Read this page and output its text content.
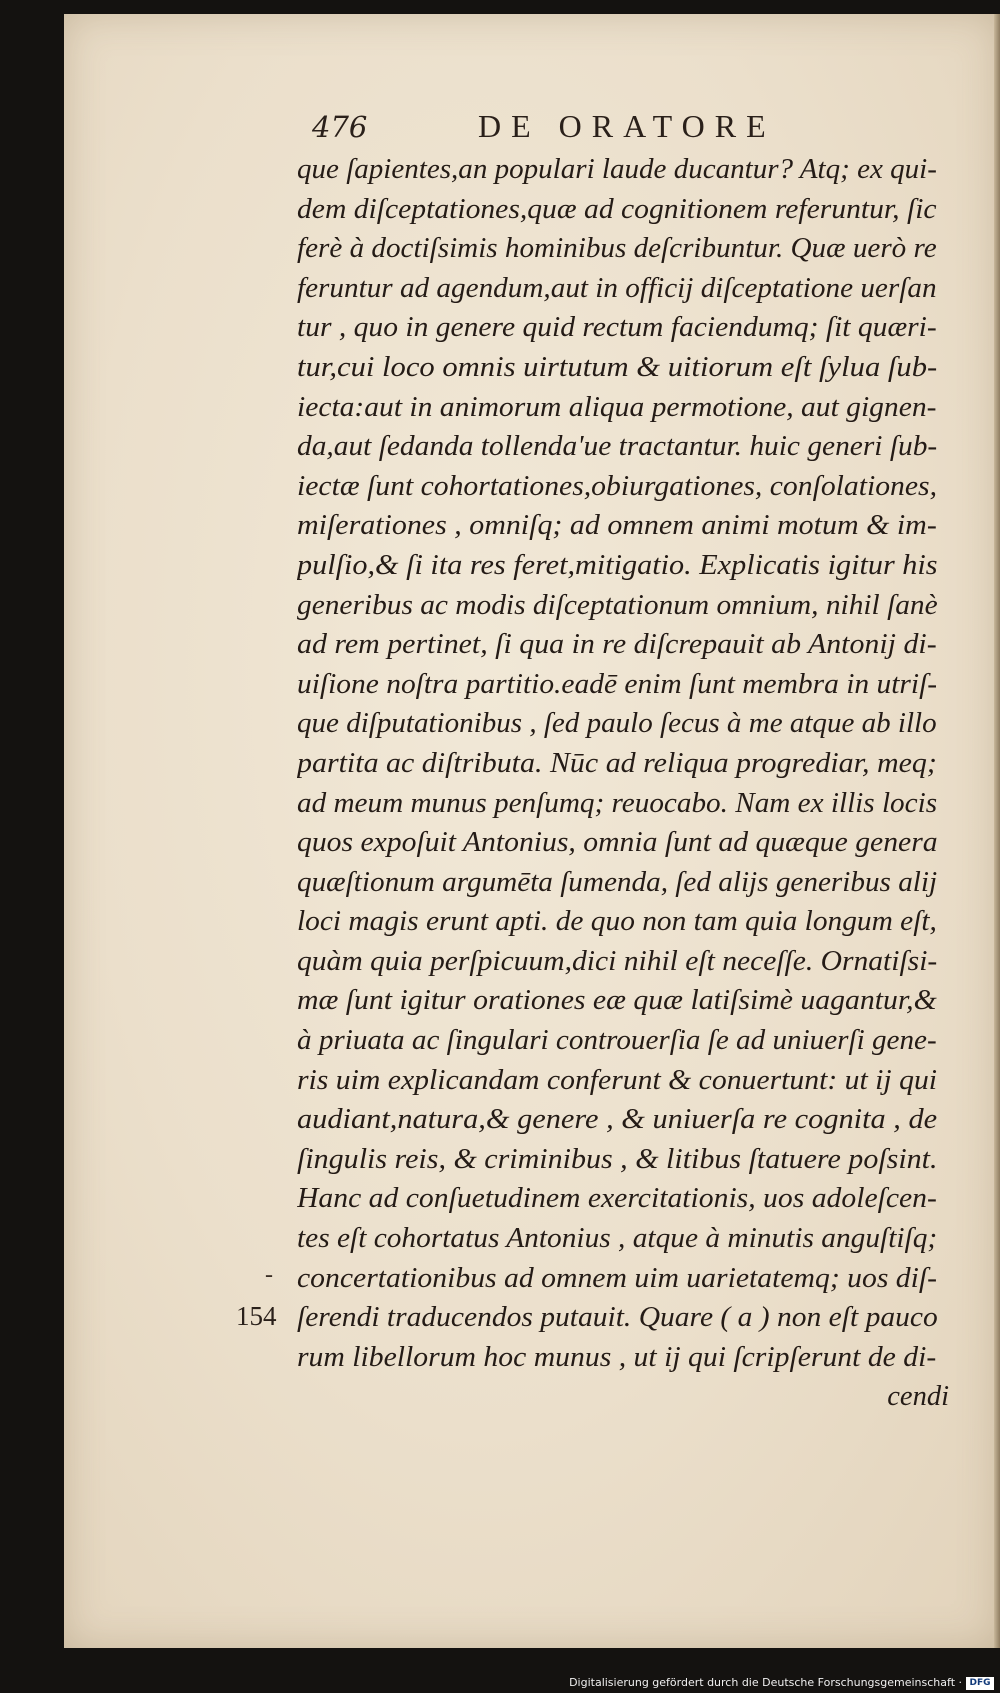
476	DE ORATORE
que ſapientes,an populari laude ducantur? Atq; ex qui-
dem diſceptationes,quæ ad cognitionem referuntur, ſic
ferè à doctiſsimis hominibus deſcribuntur. Quæ uerò re
feruntur ad agendum,aut in officij diſceptatione uerſan
tur , quo in genere quid rectum faciendumq; ſit quæri-
tur,cui loco omnis uirtutum & uitiorum eſt ſylua ſub-
iecta:aut in animorum aliqua permotione, aut gignen-
da,aut ſedanda tollenda'ue tractantur. huic generi ſub-
iectæ ſunt cohortationes,obiurgationes, conſolationes,
miſerationes , omniſq; ad omnem animi motum & im-
pulſio,& ſi ita res feret,mitigatio. Explicatis igitur his
generibus ac modis diſceptationum omnium, nihil ſanè
ad rem pertinet, ſi qua in re diſcrepauit ab Antonij di-
uiſione noſtra partitio.eadē enim ſunt membra in utriſ-
que diſputationibus , ſed paulo ſecus à me atque ab illo
partita ac diſtributa. Nūc ad reliqua progrediar, meq;
ad meum munus penſumq; reuocabo. Nam ex illis locis
quos expoſuit Antonius, omnia ſunt ad quæque genera
quæſtionum argumēta ſumenda, ſed alijs generibus alij
loci magis erunt apti. de quo non tam quia longum eſt,
quàm quia perſpicuum,dici nihil eſt neceſſe. Ornatiſsi-
mæ ſunt igitur orationes eæ quæ latiſsimè uagantur,&
à priuata ac ſingulari controuerſia ſe ad uniuerſi gene-
ris uim explicandam conferunt & conuertunt: ut ij qui
audiant,natura,& genere , & uniuerſa re cognita , de
ſingulis reis, & criminibus , & litibus ſtatuere poſsint.
Hanc ad conſuetudinem exercitationis, uos adoleſcen-
tes eſt cohortatus Antonius , atque à minutis anguſtiſq;
concertationibus ad omnem uim uarietatemq; uos diſ-
ſerendi traducendos putauit. Quare ( a ) non eſt pauco
rum libellorum hoc munus , ut ij qui ſcripſerunt de di-
cendi
-
154
Digitalisierung gefördert durch die Deutsche Forschungsgemeinschaft · DFG
